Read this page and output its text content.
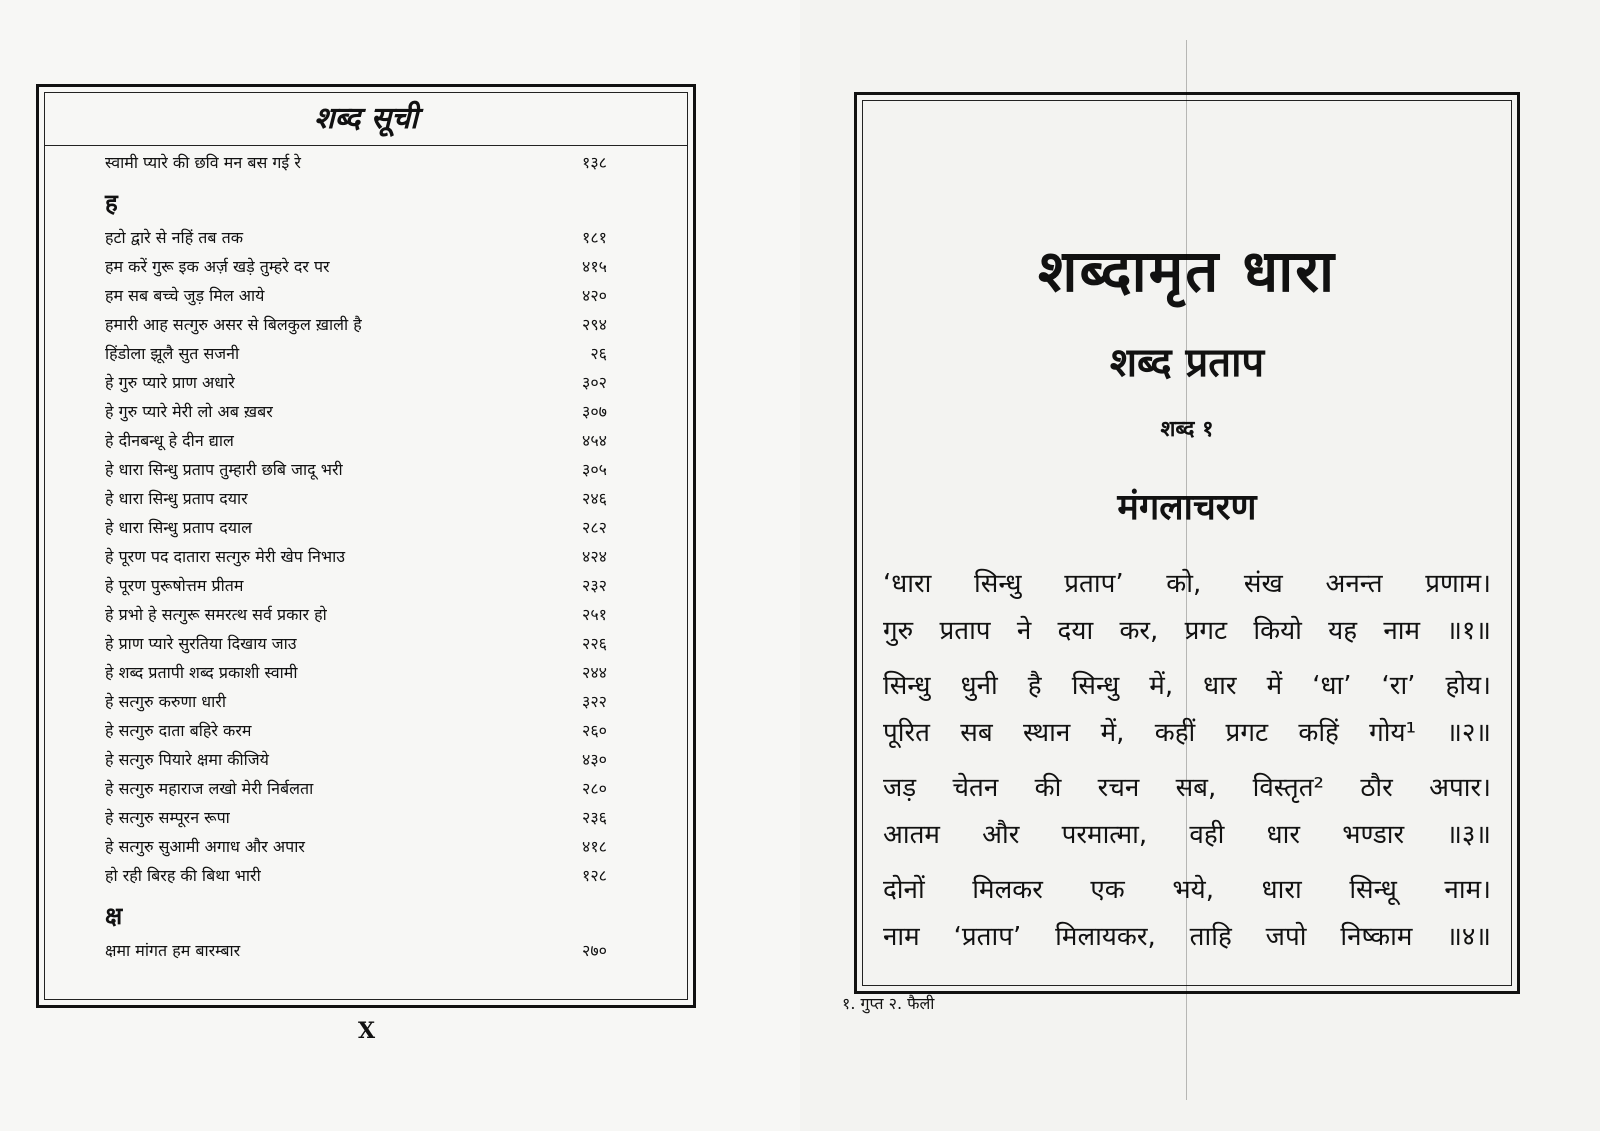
शब्द सूची
स्वामी प्यारे की छवि मन बस गई रे	१३८
ह
हटो द्वारे से नहिं तब तक	१८१
हम करें गुरू इक अर्ज़ खड़े तुम्हरे दर पर	४१५
हम सब बच्चे जुड़ मिल आये	४२०
हमारी आह सत्गुरु असर से बिलकुल ख़ाली है	२९४
हिंडोला झूलै सुत सजनी	२६
हे गुरु प्यारे प्राण अधारे	३०२
हे गुरु प्यारे मेरी लो अब ख़बर	३०७
हे दीनबन्धू हे दीन द्याल	४५४
हे धारा सिन्धु प्रताप तुम्हारी छबि जादू भरी	३०५
हे धारा सिन्धु प्रताप दयार	२४६
हे धारा सिन्धु प्रताप दयाल	२८२
हे पूरण पद दातारा सत्गुरु मेरी खेप निभाउ	४२४
हे पूरण पुरूषोत्तम प्रीतम	२३२
हे प्रभो हे सत्गुरू समरत्थ सर्व प्रकार हो	२५१
हे प्राण प्यारे सुरतिया दिखाय जाउ	२२६
हे शब्द प्रतापी शब्द प्रकाशी स्वामी	२४४
हे सत्गुरु करुणा धारी	३२२
हे सत्गुरु दाता बहिरे करम	२६०
हे सत्गुरु पियारे क्षमा कीजिये	४३०
हे सत्गुरु महाराज लखो मेरी निर्बलता	२८०
हे सत्गुरु सम्पूरन रूपा	२३६
हे सत्गुरु सुआमी अगाध और अपार	४१८
हो रही बिरह की बिथा भारी	१२८
क्ष
क्षमा मांगत हम बारम्बार	२७०
X
शब्दामृत धारा
शब्द प्रताप
शब्द १
मंगलाचरण
‘धारा सिन्धु प्रताप’ को, संख अनन्त प्रणाम।
गुरु प्रताप ने दया कर, प्रगट कियो यह नाम ॥१॥
सिन्धु धुनी है सिन्धु में, धार में ‘धा’ ‘रा’ होय।
पूरित सब स्थान में, कहीं प्रगट कहिं गोय¹ ॥२॥
जड़ चेतन की रचन सब, विस्तृत² ठौर अपार।
आतम और परमात्मा, वही धार भण्डार ॥३॥
दोनों मिलकर एक भये, धारा सिन्धू नाम।
नाम ‘प्रताप’ मिलायकर, ताहि जपो निष्काम ॥४॥
१. गुप्त २. फैली
